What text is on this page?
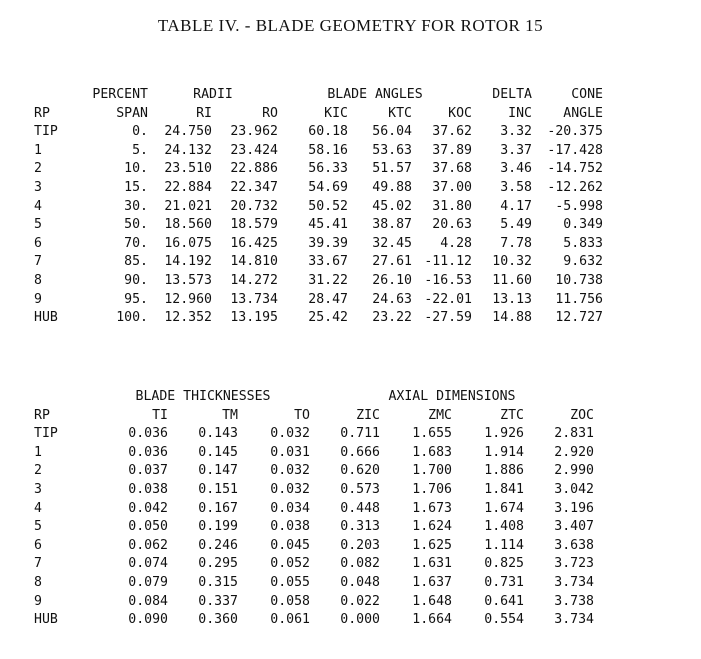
TABLE IV. - BLADE GEOMETRY FOR ROTOR 15
	PERCENT	RADII		BLADE ANGLES			DELTA	CONE
RP	SPAN	RI	RO	KIC	KTC	KOC	INC	ANGLE
TIP	0.	24.750	23.962	60.18	56.04	37.62	3.32	-20.375
1	5.	24.132	23.424	58.16	53.63	37.89	3.37	-17.428
2	10.	23.510	22.886	56.33	51.57	37.68	3.46	-14.752
3	15.	22.884	22.347	54.69	49.88	37.00	3.58	-12.262
4	30.	21.021	20.732	50.52	45.02	31.80	4.17	-5.998
5	50.	18.560	18.579	45.41	38.87	20.63	5.49	0.349
6	70.	16.075	16.425	39.39	32.45	4.28	7.78	5.833
7	85.	14.192	14.810	33.67	27.61	-11.12	10.32	9.632
8	90.	13.573	14.272	31.22	26.10	-16.53	11.60	10.738
9	95.	12.960	13.734	28.47	24.63	-22.01	13.13	11.756
HUB	100.	12.352	13.195	25.42	23.22	-27.59	14.88	12.727
	BLADE THICKNESSES			AXIAL DIMENSIONS			
RP	TI	TM	TO	ZIC	ZMC	ZTC	ZOC
TIP	0.036	0.143	0.032	0.711	1.655	1.926	2.831
1	0.036	0.145	0.031	0.666	1.683	1.914	2.920
2	0.037	0.147	0.032	0.620	1.700	1.886	2.990
3	0.038	0.151	0.032	0.573	1.706	1.841	3.042
4	0.042	0.167	0.034	0.448	1.673	1.674	3.196
5	0.050	0.199	0.038	0.313	1.624	1.408	3.407
6	0.062	0.246	0.045	0.203	1.625	1.114	3.638
7	0.074	0.295	0.052	0.082	1.631	0.825	3.723
8	0.079	0.315	0.055	0.048	1.637	0.731	3.734
9	0.084	0.337	0.058	0.022	1.648	0.641	3.738
HUB	0.090	0.360	0.061	0.000	1.664	0.554	3.734
